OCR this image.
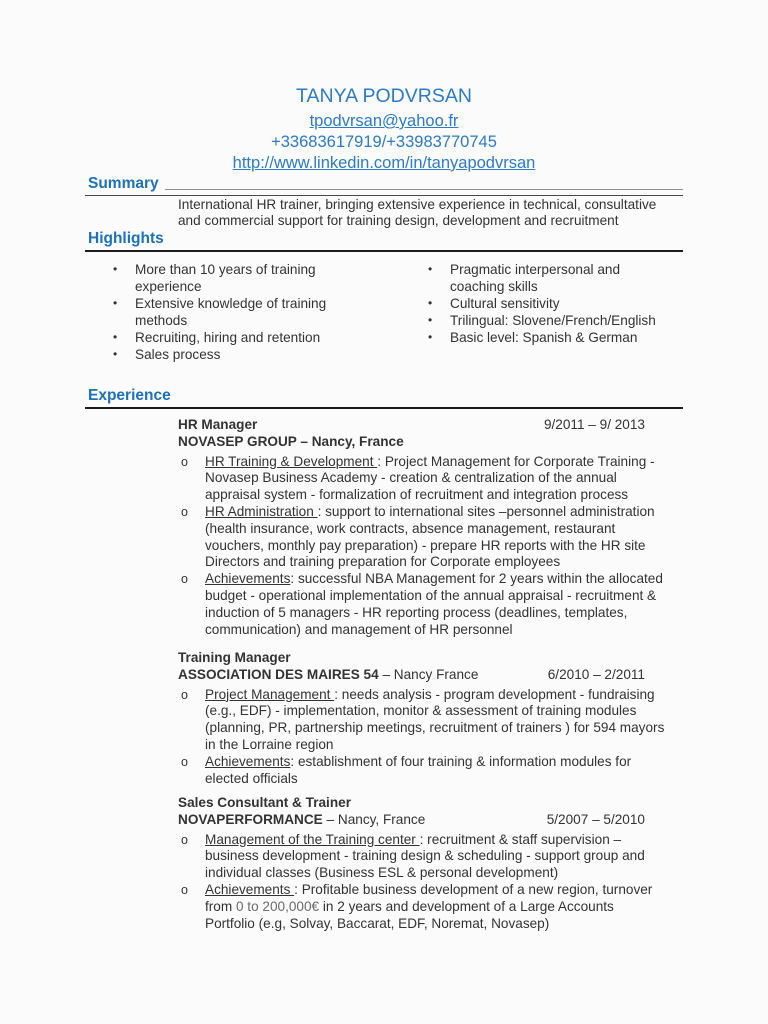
TANYA PODVRSAN
tpodvrsan@yahoo.fr
+33683617919/+33983770745
http://www.linkedin.com/in/tanyapodvrsan
Summary
International HR trainer, bringing extensive experience in technical, consultative and commercial support for training design, development and recruitment
Highlights
•	More than 10 years of training experience
•	Extensive knowledge of training methods
•	Recruiting, hiring and retention
•	Sales process
•	Pragmatic interpersonal and coaching skills
•	Cultural sensitivity
•	Trilingual: Slovene/French/English
•	Basic level: Spanish & German
Experience
HR Manager	9/2011 – 9/ 2013
NOVASEP GROUP – Nancy, France
o	HR Training & Development : Project Management for Corporate Training - Novasep Business Academy - creation & centralization of the annual appraisal system - formalization of recruitment and integration process
o	HR Administration : support to international sites –personnel administration (health insurance, work contracts, absence management, restaurant vouchers, monthly pay preparation) - prepare HR reports with the HR site Directors and training preparation for Corporate employees
o	Achievements: successful NBA Management for 2 years within the allocated budget - operational implementation of the annual appraisal - recruitment & induction of 5 managers - HR reporting process (deadlines, templates, communication) and management of HR personnel
Training Manager
ASSOCIATION DES MAIRES 54 – Nancy France	6/2010 – 2/2011
o	Project Management : needs analysis - program development - fundraising (e.g., EDF) - implementation, monitor & assessment of training modules (planning, PR, partnership meetings, recruitment of trainers ) for 594 mayors in the Lorraine region
o	Achievements: establishment of four training & information modules for elected officials
Sales Consultant & Trainer
NOVAPERFORMANCE – Nancy, France	5/2007 – 5/2010
o	Management of the Training center : recruitment & staff supervision – business development - training design & scheduling - support group and individual classes (Business ESL & personal development)
o	Achievements : Profitable business development of a new region, turnover from 0 to 200,000€ in 2 years and development of a Large Accounts Portfolio (e.g, Solvay, Baccarat, EDF, Noremat, Novasep)
